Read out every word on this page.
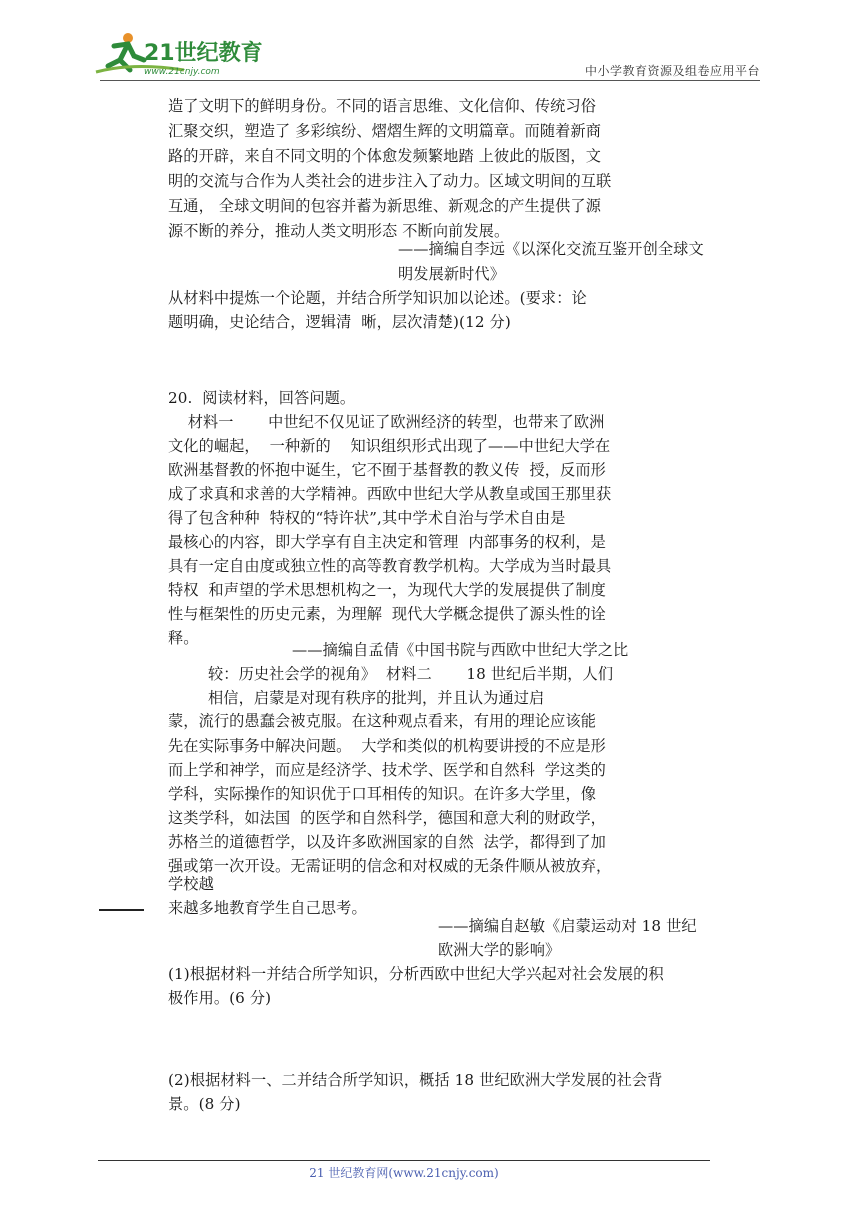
21世纪教育
www.21cnjy.com	中小学教育资源及组卷应用平台
造了文明下的鲜明身份。不同的语言思维、文化信仰、传统习俗
汇聚交织，塑造了 多彩缤纷、熠熠生辉的文明篇章。而随着新商
路的开辟，来自不同文明的个体愈发频繁地踏 上彼此的版图，文
明的交流与合作为人类社会的进步注入了动力。区域文明间的互联
互通， 全球文明间的包容并蓄为新思维、新观念的产生提供了源
源不断的养分，推动人类文明形态 不断向前发展。
——摘编自李远《以深化交流互鉴开创全球文
明发展新时代》
从材料中提炼一个论题，并结合所学知识加以论述。(要求：论
题明确，史论结合，逻辑清  晰，层次清楚)(12 分)
20.  阅读材料，回答问题。
材料一       中世纪不仅见证了欧洲经济的转型，也带来了欧洲
文化的崛起，  一种新的    知识组织形式出现了——中世纪大学在
欧洲基督教的怀抱中诞生，它不囿于基督教的教义传  授，反而形
成了求真和求善的大学精神。西欧中世纪大学从教皇或国王那里获
得了包含种种  特权的“特许状”,其中学术自治与学术自由是
最核心的内容，即大学享有自主决定和管理  内部事务的权利，是
具有一定自由度或独立性的高等教育教学机构。大学成为当时最具
特权  和声望的学术思想机构之一，为现代大学的发展提供了制度
性与框架性的历史元素，为理解  现代大学概念提供了源头性的诠
释。
——摘编自孟倩《中国书院与西欧中世纪大学之比
较：历史社会学的视角》  材料二       18 世纪后半期，人们
相信，启蒙是对现有秩序的批判，并且认为通过启
蒙，流行的愚蠢会被克服。在这种观点看来，有用的理论应该能
先在实际事务中解决问题。  大学和类似的机构要讲授的不应是形
而上学和神学，而应是经济学、技术学、医学和自然科  学这类的
学科，实际操作的知识优于口耳相传的知识。在许多大学里，像
这类学科，如法国  的医学和自然科学，德国和意大利的财政学，
苏格兰的道德哲学，以及许多欧洲国家的自然  法学，都得到了加
强或第一次开设。无需证明的信念和对权威的无条件顺从被放弃，
学校越
来越多地教育学生自己思考。
——摘编自赵敏《启蒙运动对 18 世纪
欧洲大学的影响》
(1)根据材料一并结合所学知识，分析西欧中世纪大学兴起对社会发展的积
极作用。(6 分)
(2)根据材料一、二并结合所学知识，概括 18 世纪欧洲大学发展的社会背
景。(8 分)
21 世纪教育网(www.21cnjy.com)
